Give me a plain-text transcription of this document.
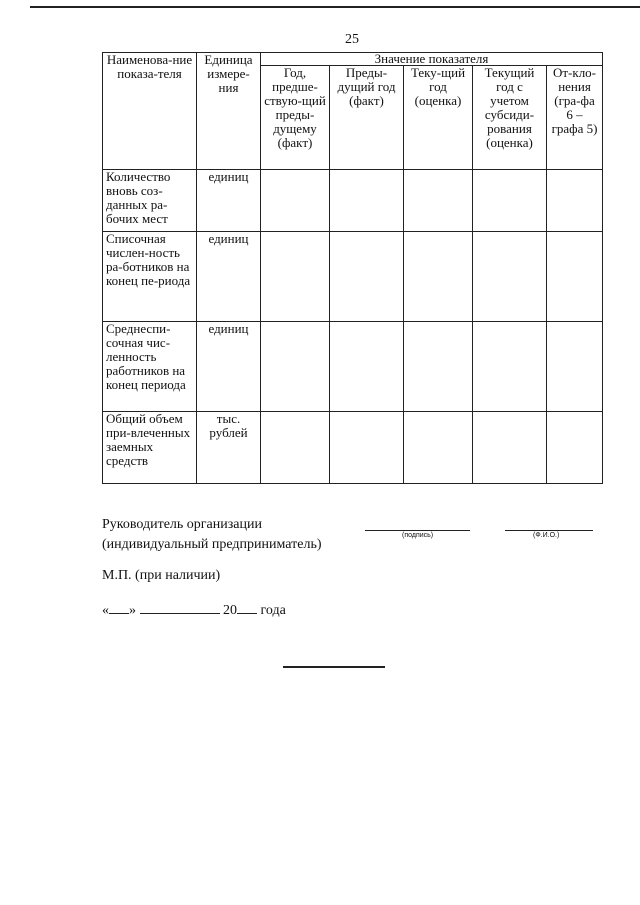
25
Наименова-ние показа-теля	Единица измере-ния	Значение показателя				
		Год, предше-ствую-щий преды-дущему (факт)	Преды-дущий год (факт)	Теку-щий год (оценка)	Текущий год с учетом субсиди-рования (оценка)	От-кло-нения (гра-фа 6 – графа 5)
Количество вновь соз-данных ра-бочих мест	единиц					
Списочная числен-ность ра-ботников на конец пе-риода	единиц					
Среднеспи-сочная чис-ленность работников на конец периода	единиц					
Общий объем при-влеченных заемных средств	тыс. рублей					
Руководитель организации
(индивидуальный предприниматель)
(подпись)	(Ф.И.О.)
М.П. (при наличии)
« »	20 года
